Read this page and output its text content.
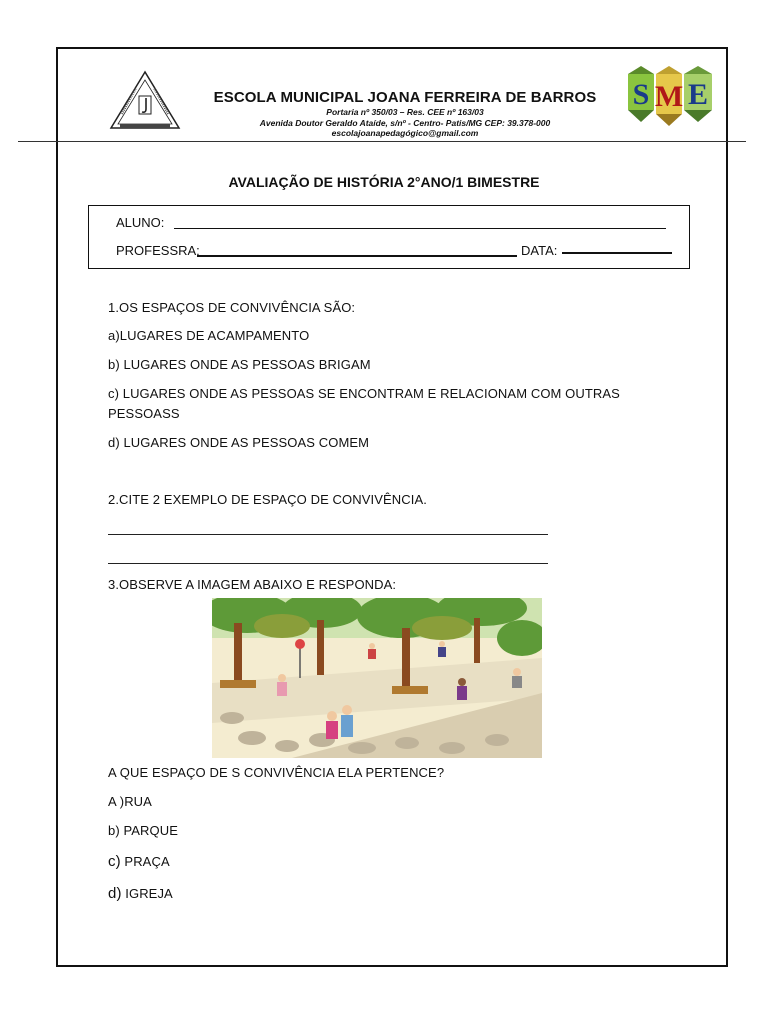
S M E
ESCOLA MUNICIPAL JOANA FERREIRA DE BARROS
Portaria nº 350/03 – Res. CEE nº 163/03
Avenida Doutor Geraldo Ataíde, s/nº - Centro- Patis/MG CEP: 39.378-000
escolajoanapedagógico@gmail.com
AVALIAÇÃO DE HISTÓRIA 2°ANO/1 BIMESTRE
ALUNO:
PROFESSRA:	DATA:
1.OS ESPAÇOS DE CONVIVÊNCIA SÃO:
a)LUGARES DE ACAMPAMENTO
b) LUGARES ONDE AS PESSOAS BRIGAM
c) LUGARES ONDE AS PESSOAS SE ENCONTRAM E RELACIONAM COM OUTRAS
PESSOASS
d) LUGARES ONDE AS PESSOAS COMEM
2.CITE 2 EXEMPLO DE ESPAÇO DE CONVIVÊNCIA.
3.OBSERVE A IMAGEM ABAIXO E RESPONDA:
A QUE ESPAÇO DE S CONVIVÊNCIA ELA PERTENCE?
A )RUA
b) PARQUE
c) PRAÇA
d) IGREJA
